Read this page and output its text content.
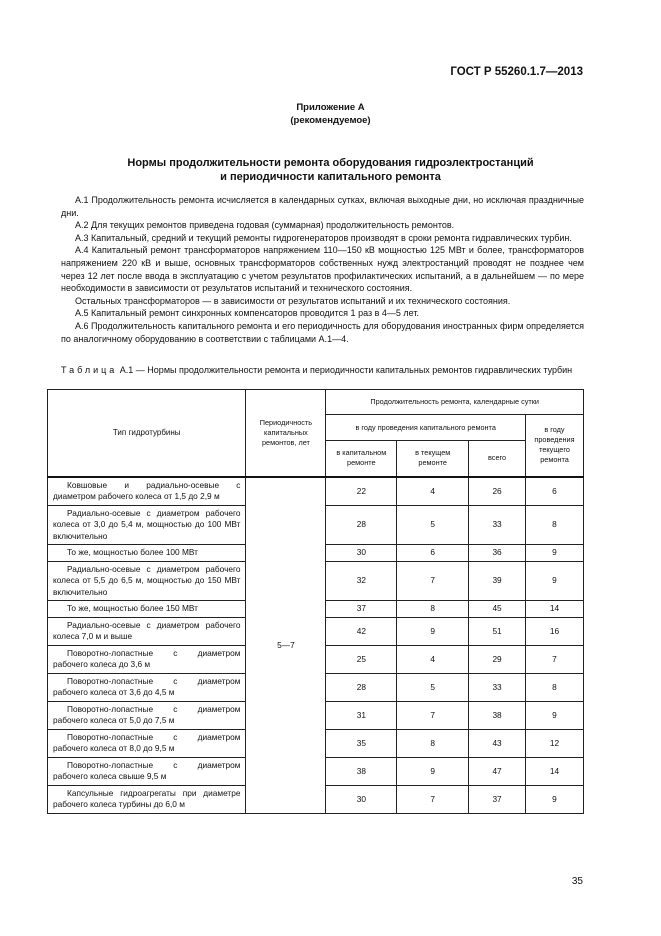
ГОСТ Р 55260.1.7—2013
Приложение А
(рекомендуемое)
Нормы продолжительности ремонта оборудования гидроэлектростанций
и периодичности капитального ремонта

А.1 Продолжительность ремонта исчисляется в календарных сутках, включая выходные дни, но исключая праздничные дни.

А.2 Для текущих ремонтов приведена годовая (суммарная) продолжительность ремонтов.

А.3 Капитальный, средний и текущий ремонты гидрогенераторов производят в сроки ремонта гидравлических турбин.

А.4 Капитальный ремонт трансформаторов напряжением 110—150 кВ мощностью 125 МВт и более, трансформаторов напряжением 220 кВ и выше, основных трансформаторов собственных нужд электростанций проводят не позднее чем через 12 лет после ввода в эксплуатацию с учетом результатов профилактических испытаний, а в дальнейшем — по мере необходимости в зависимости от результатов испытаний и технического состояния.

Остальных трансформаторов — в зависимости от результатов испытаний и их технического состояния.

А.5 Капитальный ремонт синхронных компенсаторов проводится 1 раз в 4—5 лет.

А.6 Продолжительность капитального ремонта и его периодичность для оборудования иностранных фирм определяется по аналогичному оборудованию в соответствии с таблицами А.1—4.

Таблица А.1 — Нормы продолжительности ремонта и периодичности капитальных ремонтов гидравлических турбин
Тип гидротурбины	Периодичность капитальных ремонтов, лет	Продолжительность ремонта, календарные сутки			
		в году проведения капитального ремонта			в году проведения текущего ремонта
		в капитальном ремонте	в текущем ремонте	всего	
Ковшовые и радиально-осевые с диаметром рабочего колеса от 1,5 до 2,9 м	5—7	22	4	26	6
Радиально-осевые с диаметром рабочего колеса от 3,0 до 5,4 м, мощностью до 100 МВт включительно		28	5	33	8
То же, мощностью более 100 МВт		30	6	36	9
Радиально-осевые с диаметром рабочего колеса от 5,5 до 6,5 м, мощностью до 150 МВт включительно		32	7	39	9
То же, мощностью более 150 МВт		37	8	45	14
Радиально-осевые с диаметром рабочего колеса 7,0 м и выше		42	9	51	16
Поворотно-лопастные с диаметром рабочего колеса до 3,6 м		25	4	29	7
Поворотно-лопастные с диаметром рабочего колеса от 3,6 до 4,5 м		28	5	33	8
Поворотно-лопастные с диаметром рабочего колеса от 5,0 до 7,5 м		31	7	38	9
Поворотно-лопастные с диаметром рабочего колеса от 8,0 до 9,5 м		35	8	43	12
Поворотно-лопастные с диаметром рабочего колеса свыше 9,5 м		38	9	47	14
Капсульные гидроагрегаты при диаметре рабочего колеса турбины до 6,0 м		30	7	37	9
35
